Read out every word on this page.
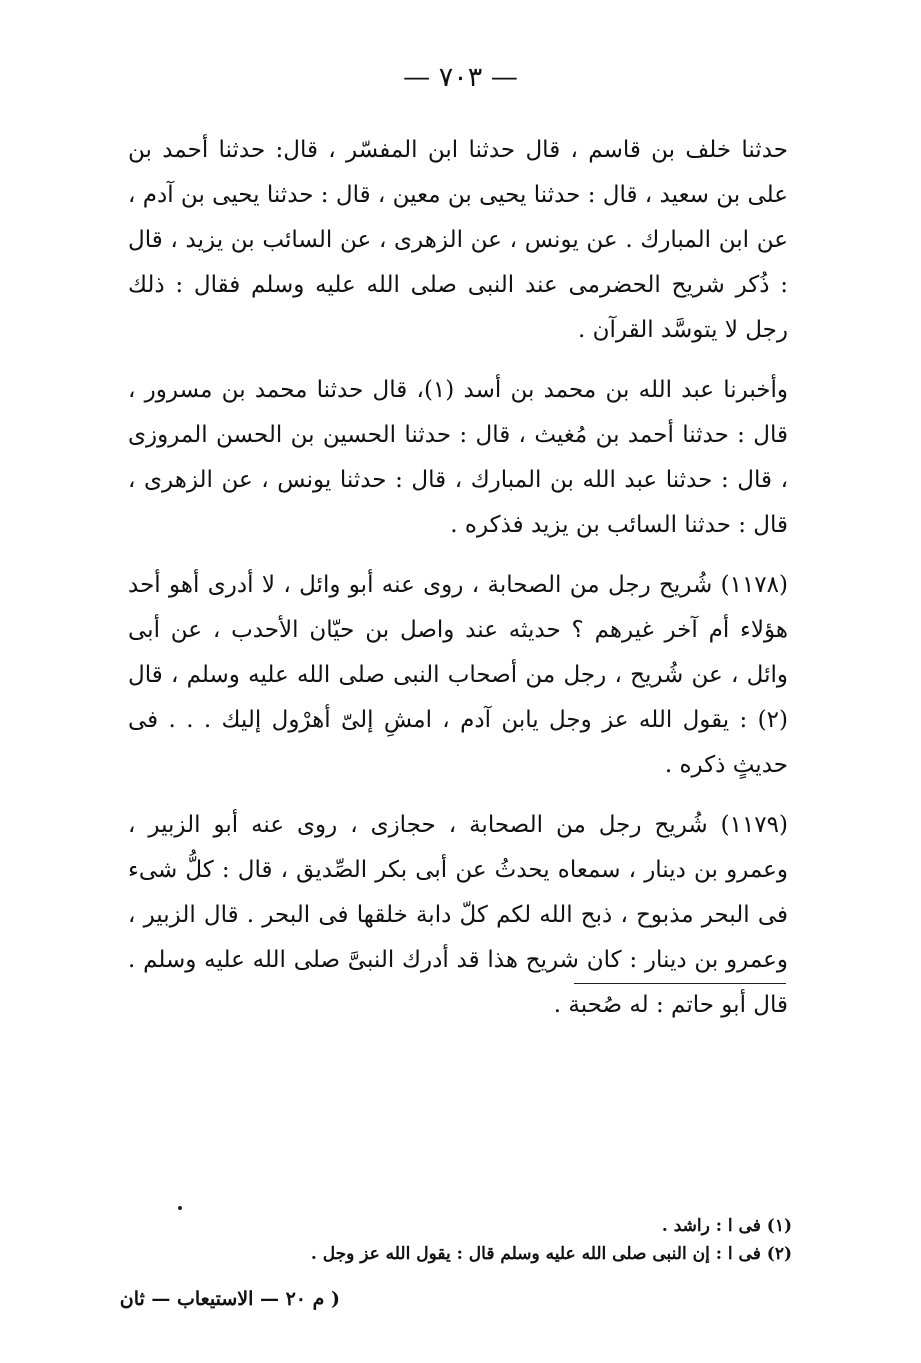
— ٧٠٣ —

حدثنا خلف بن قاسم ، قال حدثنا ابن المفسّر ، قال: حدثنا أحمد بن على بن سعيد ، قال : حدثنا يحيى بن معين ، قال : حدثنا يحيى بن آدم ، عن ابن المبارك . عن يونس ، عن الزهرى ، عن السائب بن يزيد ، قال : ذُكر شريح الحضرمى عند النبى صلى الله عليه وسلم فقال : ذلك رجل لا يتوسَّد القرآن .

وأخبرنا عبد الله بن محمد بن أسد (١)، قال حدثنا محمد بن مسرور ، قال : حدثنا أحمد بن مُغيث ، قال : حدثنا الحسين بن الحسن المروزى ، قال : حدثنا عبد الله بن المبارك ، قال : حدثنا يونس ، عن الزهرى ، قال : حدثنا السائب بن يزيد فذكره .

(١١٧٨) شُريح رجل من الصحابة ، روى عنه أبو وائل ، لا أدرى أهو أحد هؤلاء أم آخر غيرهم ؟ حديثه عند واصل بن حيّان الأحدب ، عن أبى وائل ، عن شُريح ، رجل من أصحاب النبى صلى الله عليه وسلم ، قال (٢) : يقول الله عز وجل يابن آدم ، امشِ إلىّ أهرْول إليك . . . فى حديثٍ ذكره .

(١١٧٩) شُريح رجل من الصحابة ، حجازى ، روى عنه أبو الزبير ، وعمرو بن دينار ، سمعاه يحدثُ عن أبى بكر الصِّديق ، قال : كلُّ شىء فى البحر مذبوح ، ذبح الله لكم كلّ دابة خلقها فى البحر . قال الزبير ، وعمرو بن دينار : كان شريح هذا قد أدرك النبىَّ صلى الله عليه وسلم . قال أبو حاتم : له صُحبة .

(١) فى ا : راشد .

(٢) فى ا : إن النبى صلى الله عليه وسلم قال : يقول الله عز وجل .

( م ٢٠ — الاستيعاب — ثان
